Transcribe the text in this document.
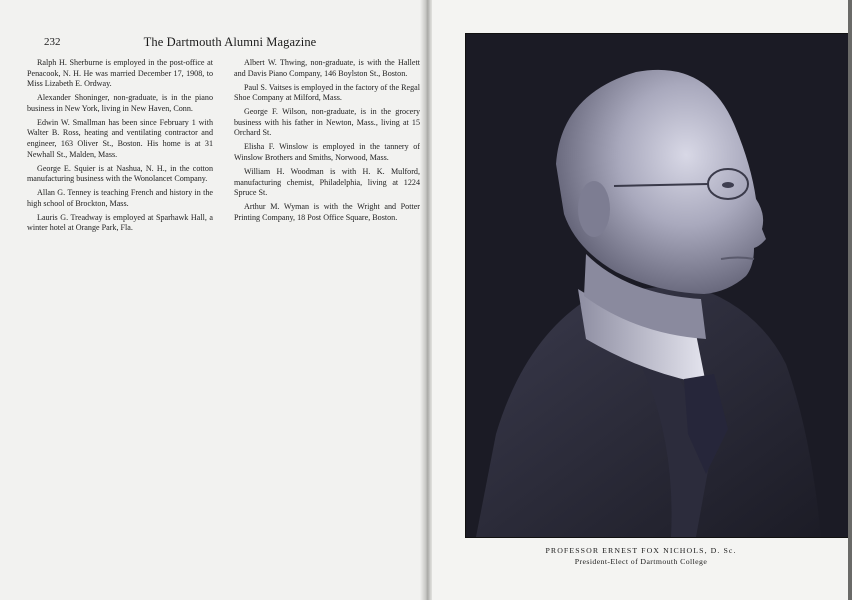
232	The Dartmouth Alumni Magazine

Ralph H. Sherburne is employed in the post-office at Penacook, N. H. He was married December 17, 1908, to Miss Lizabeth E. Ordway.

Alexander Shoninger, non-graduate, is in the piano business in New York, living in New Haven, Conn.

Edwin W. Smallman has been since February 1 with Walter B. Ross, heating and ventilating contractor and engineer, 163 Oliver St., Boston. His home is at 31 Newhall St., Malden, Mass.

George E. Squier is at Nashua, N. H., in the cotton manufacturing business with the Wonolancet Company.

Allan G. Tenney is teaching French and history in the high school of Brockton, Mass.

Lauris G. Treadway is employed at Sparhawk Hall, a winter hotel at Orange Park, Fla.

Albert W. Thwing, non-graduate, is with the Hallett and Davis Piano Company, 146 Boylston St., Boston.

Paul S. Vaitses is employed in the factory of the Regal Shoe Company at Milford, Mass.

George F. Wilson, non-graduate, is in the grocery business with his father in Newton, Mass., living at 15 Orchard St.

Elisha F. Winslow is employed in the tannery of Winslow Brothers and Smiths, Norwood, Mass.

William H. Woodman is with H. K. Mulford, manufacturing chemist, Philadelphia, living at 1224 Spruce St.

Arthur M. Wyman is with the Wright and Potter Printing Company, 18 Post Office Square, Boston.

PROFESSOR ERNEST FOX NICHOLS, D. Sc.
President-Elect of Dartmouth College
